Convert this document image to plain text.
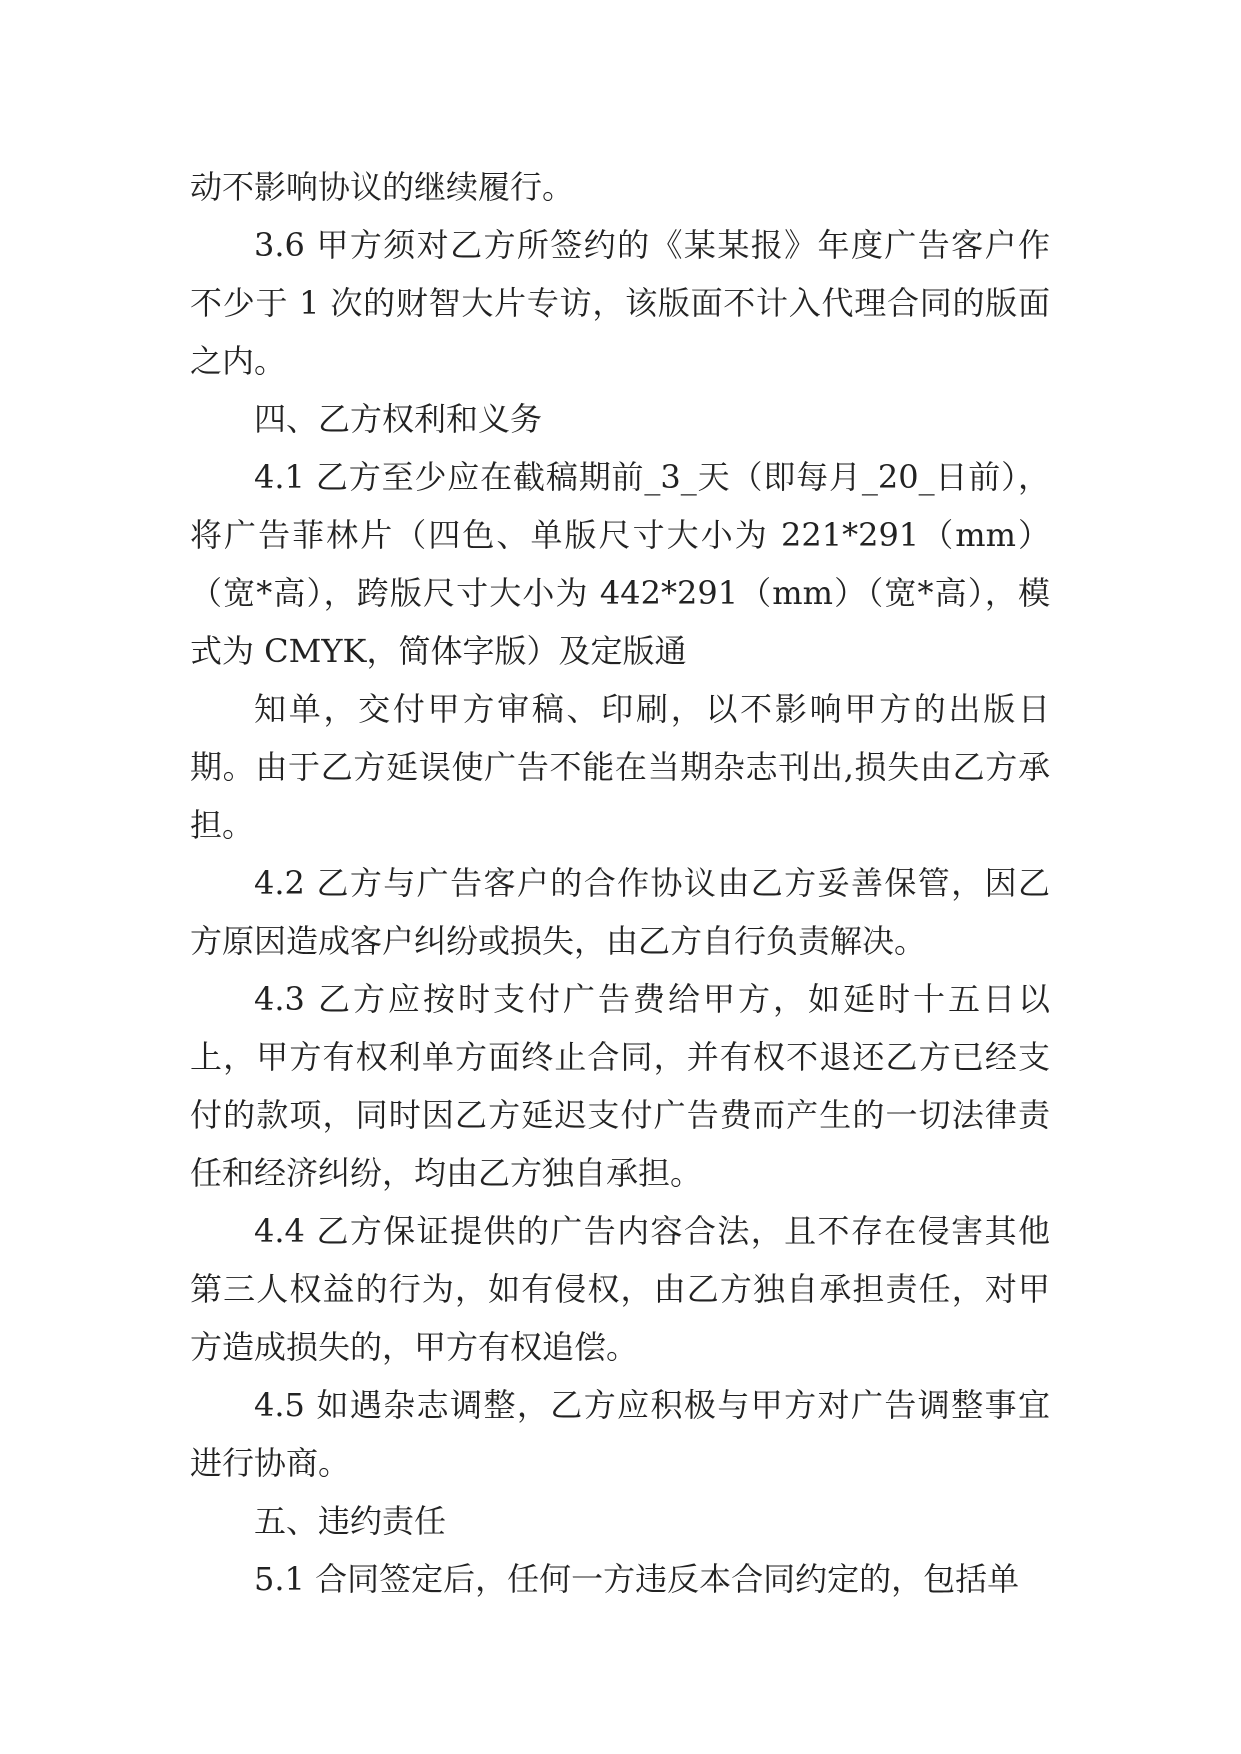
动不影响协议的继续履行。

3.6 甲方须对乙方所签约的《某某报》年度广告客户作不少于 1 次的财智大片专访，该版面不计入代理合同的版面之内。

四、乙方权利和义务

4.1 乙方至少应在截稿期前_3_天（即每月_20_日前），将广告菲林片（四色、单版尺寸大小为 221*291（mm）（宽*高），跨版尺寸大小为 442*291（mm）（宽*高），模式为 CMYK，简体字版）及定版通

知单，交付甲方审稿、印刷，以不影响甲方的出版日期。由于乙方延误使广告不能在当期杂志刊出,损失由乙方承担。

4.2 乙方与广告客户的合作协议由乙方妥善保管，因乙方原因造成客户纠纷或损失，由乙方自行负责解决。

4.3 乙方应按时支付广告费给甲方，如延时十五日以上，甲方有权利单方面终止合同，并有权不退还乙方已经支付的款项，同时因乙方延迟支付广告费而产生的一切法律责任和经济纠纷，均由乙方独自承担。

4.4 乙方保证提供的广告内容合法，且不存在侵害其他第三人权益的行为，如有侵权，由乙方独自承担责任，对甲方造成损失的，甲方有权追偿。

4.5 如遇杂志调整，乙方应积极与甲方对广告调整事宜进行协商。

五、违约责任

5.1 合同签定后，任何一方违反本合同约定的，包括单
